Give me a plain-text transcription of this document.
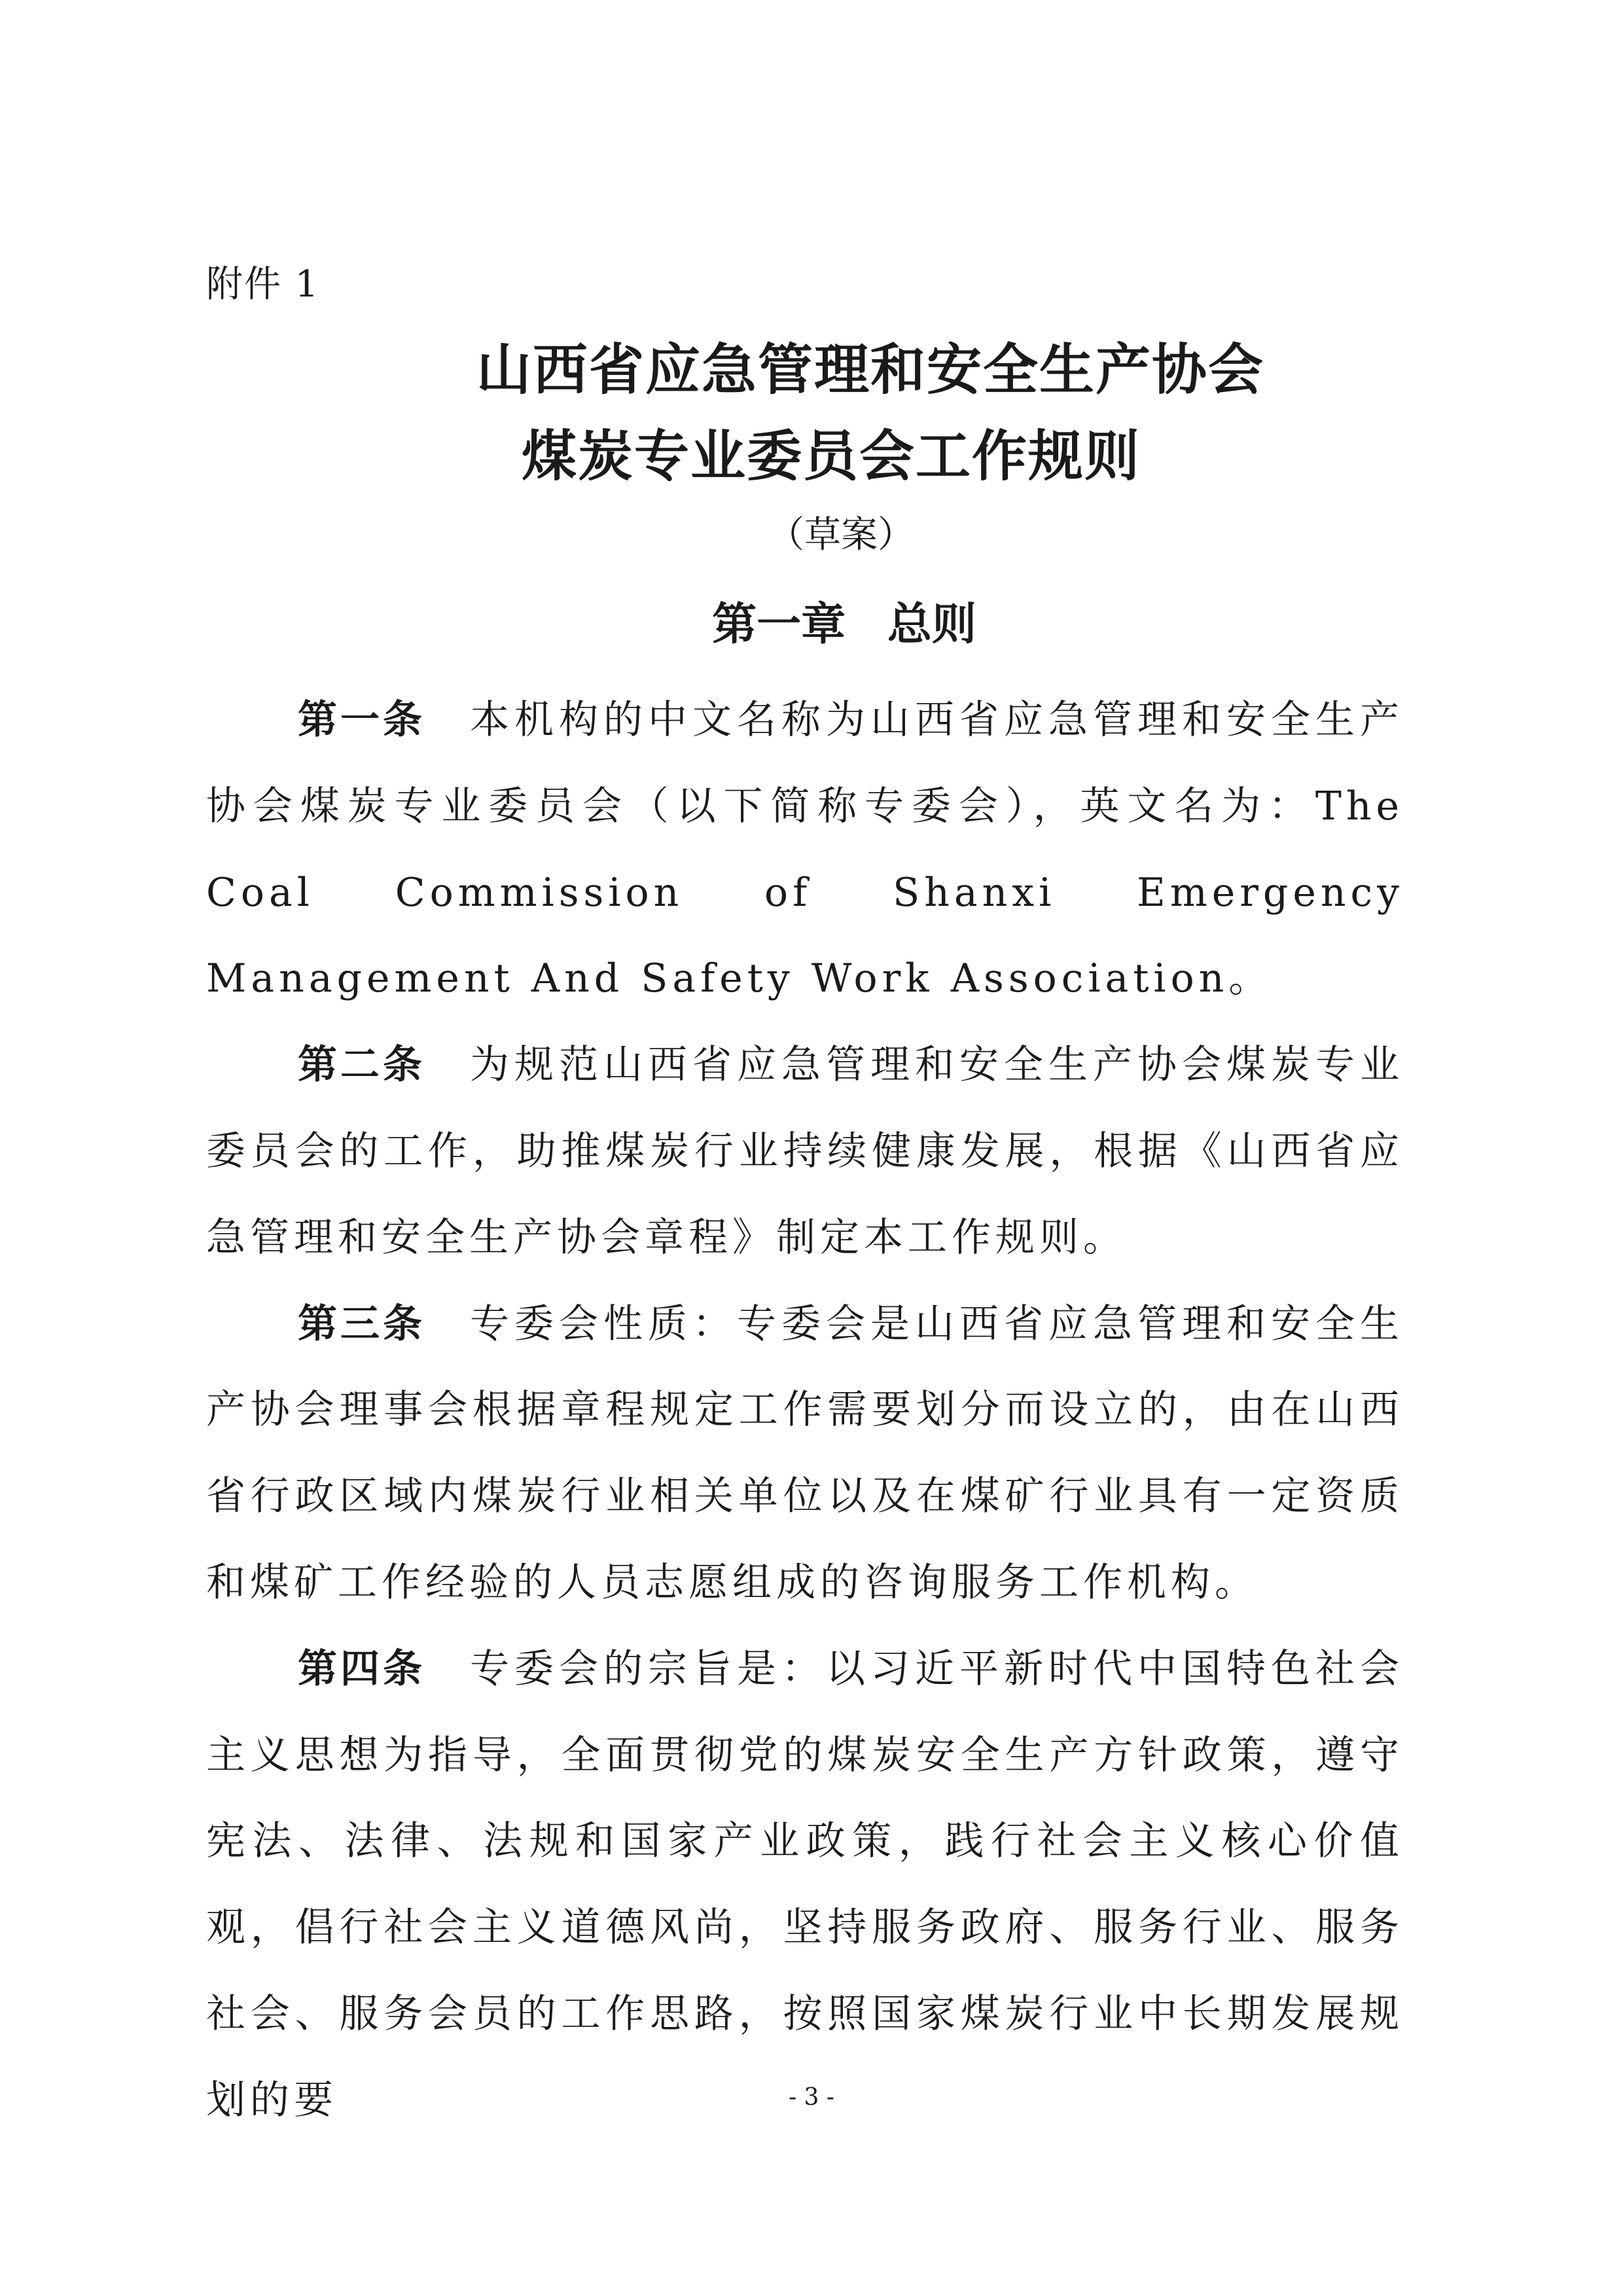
附件 1
山西省应急管理和安全生产协会
煤炭专业委员会工作规则
（草案）
第一章 总则

第一条  本机构的中文名称为山西省应急管理和安全生产协会煤炭专业委员会（以下简称专委会），英文名为：The Coal Commission of Shanxi Emergency Management And Safety Work Association。

第二条  为规范山西省应急管理和安全生产协会煤炭专业委员会的工作，助推煤炭行业持续健康发展，根据《山西省应急管理和安全生产协会章程》制定本工作规则。

第三条  专委会性质：专委会是山西省应急管理和安全生产协会理事会根据章程规定工作需要划分而设立的，由在山西省行政区域内煤炭行业相关单位以及在煤矿行业具有一定资质和煤矿工作经验的人员志愿组成的咨询服务工作机构。

第四条  专委会的宗旨是：以习近平新时代中国特色社会主义思想为指导，全面贯彻党的煤炭安全生产方针政策，遵守宪法、法律、法规和国家产业政策，践行社会主义核心价值观，倡行社会主义道德风尚，坚持服务政府、服务行业、服务社会、服务会员的工作思路，按照国家煤炭行业中长期发展规划的要	- 3 -
